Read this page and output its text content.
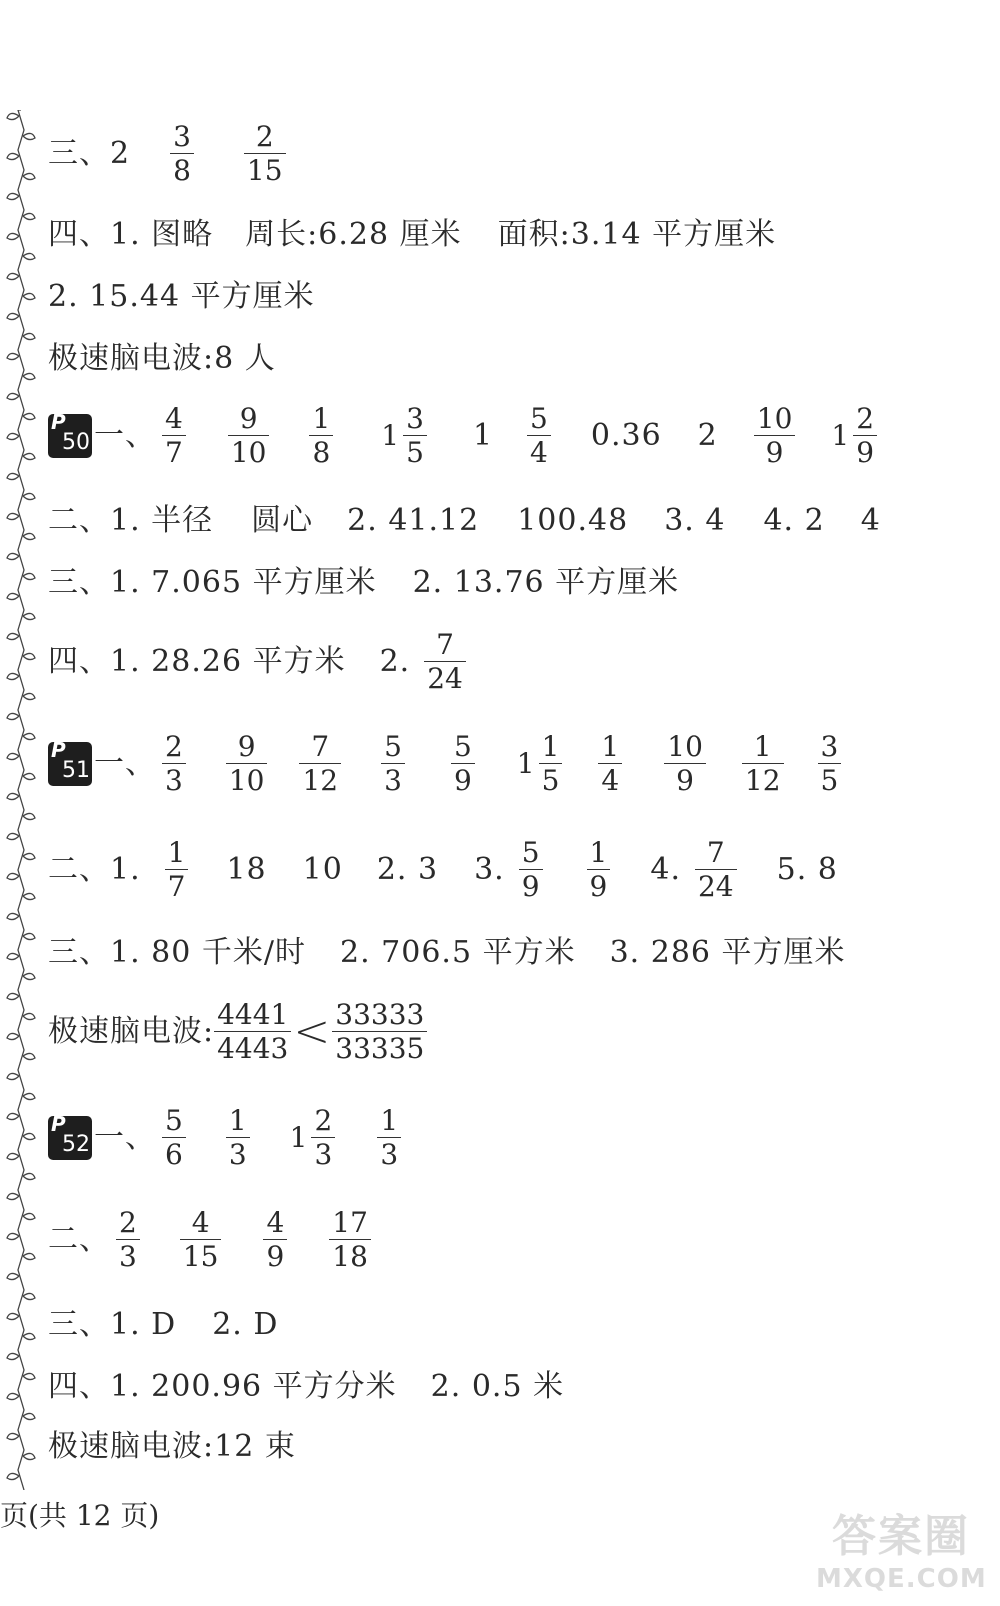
三、$2 \frac{3}{8} \frac{2}{15}$
四、1. 图略 周长:6.28 厘米 面积:3.14 平方厘米
2. 15.44 平方厘米
极速脑电波:8 人
P
50 一、 $\frac{4}{7} \frac{9}{10} \frac{1}{8} 1 \frac{3}{5} 1 \frac{5}{4} 0.36$ $2 \frac{10}{9} 1 \frac{2}{9}$
二、1. 半径 圆心 2. 41.12 100.48 3. 4 4. 2 4
三、1. 7.065 平方厘米 2. 13.76 平方厘米
四、1. 28.26 平方米 2. $\frac{7}{24}$
P
51 一、 $\frac{2}{3} \frac{9}{10} \frac{7}{12} \frac{5}{3} \frac{5}{9} 1 \frac{1}{5} \frac{1}{4} \frac{10}{9} \frac{1}{12} \frac{3}{5}$
二、1. $\frac{1}{7} 18$ 10 2. 3 3. $\frac{5}{9} \frac{1}{9} 4$. $\frac{7}{24} 5$. 8
三、1. 80 千米/时 2. 706.5 平方米 3. 286 平方厘米
极速脑电波: $\frac{4441}{4443} < \frac{33333}{33335}$
P
52 一、 $\frac{5}{6} \frac{1}{3} 1 \frac{2}{3} \frac{1}{3}$
二、 $\frac{2}{3} \frac{4}{15} \frac{4}{9} \frac{17}{18}$
三、1. D 2. D
四、1. 200.96 平方分米 2. 0.5 米
极速脑电波:12 束
页(共 12 页)	答案圈
MXQE.COM
